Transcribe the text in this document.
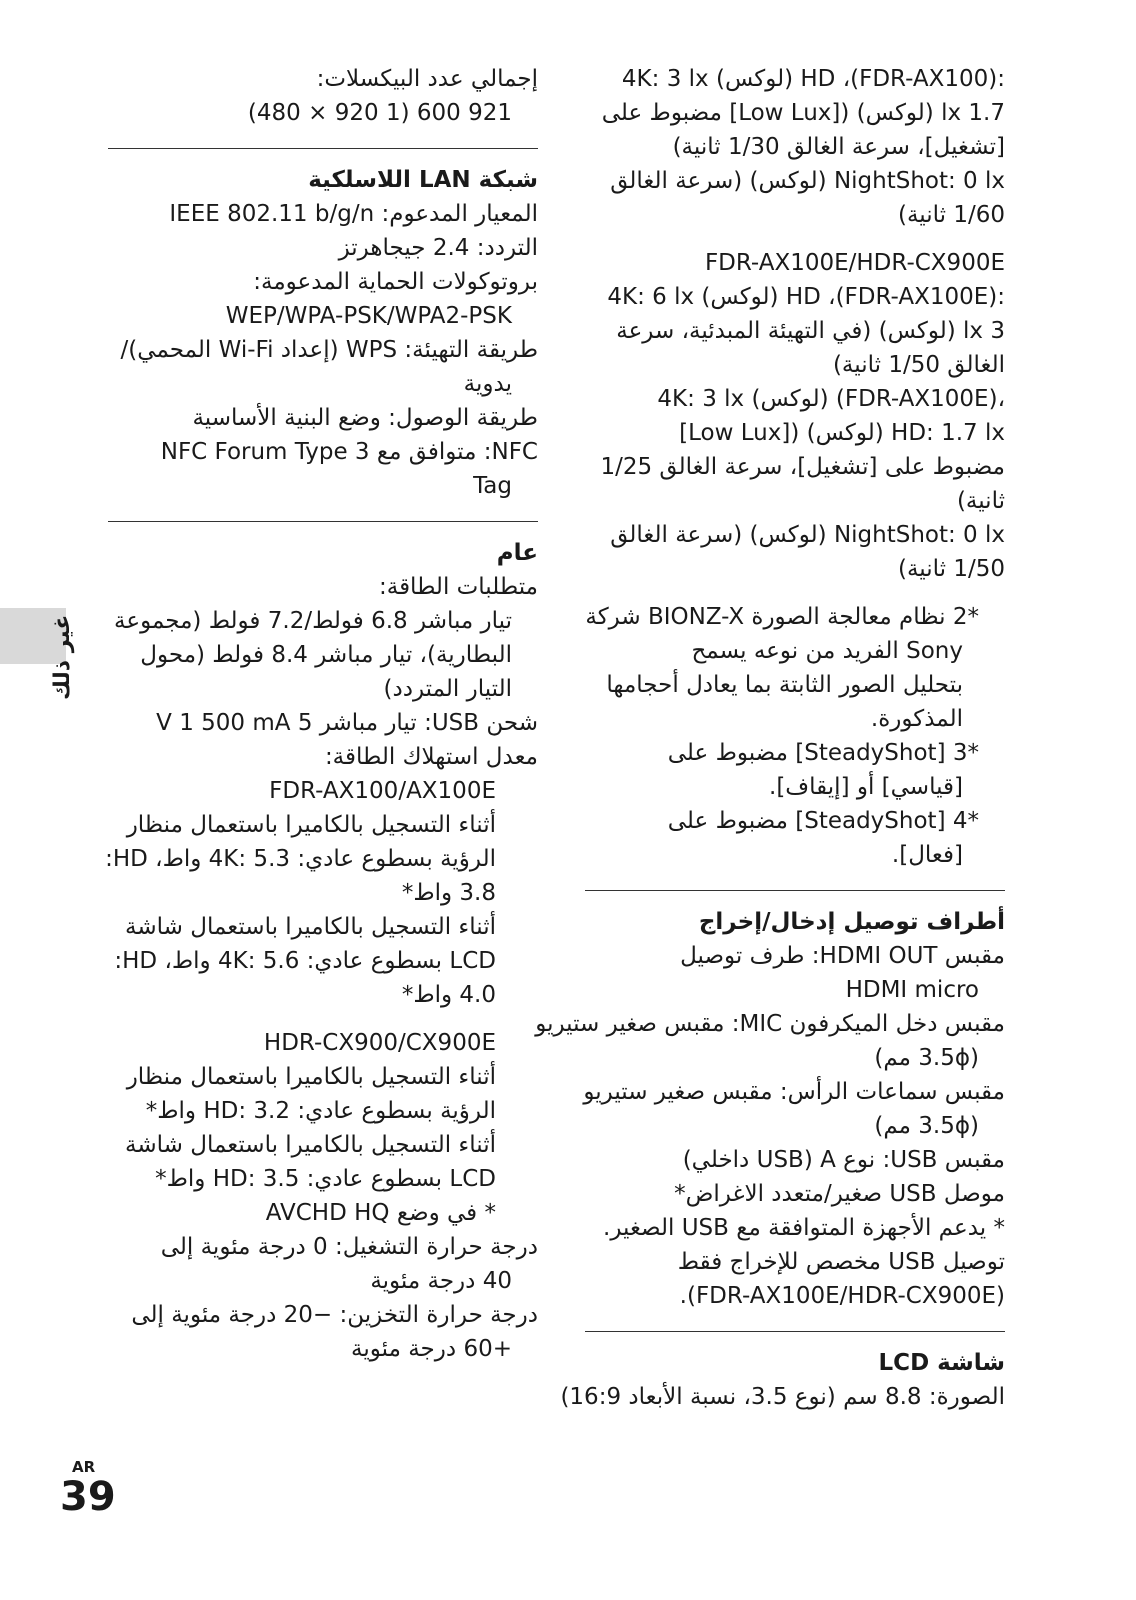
غير ذلك
:HD ،(FDR-AX100) (لوكس) 4K: 3 lx
1.7 lx (لوكس) ([Low Lux] مضبوط على
[تشغيل]، سرعة الغالق 1/30 ثانية)
NightShot: 0 lx (لوكس) (سرعة الغالق
1/60 ثانية)
FDR-AX100E/HDR-CX900E
:HD ،(FDR-AX100E) (لوكس) 4K: 6 lx
3 lx (لوكس) (في التهيئة المبدئية، سرعة
الغالق 1/50 ثانية)
،(FDR-AX100E) (لوكس) 4K: 3 lx
HD: 1.7 lx (لوكس) ([Low Lux]
مضبوط على [تشغيل]، سرعة الغالق 1/25
ثانية)
NightShot: 0 lx (لوكس) (سرعة الغالق
1/50 ثانية)
*2 نظام معالجة الصورة BIONZ-X شركة
Sony الفريد من نوعه يسمح
بتحليل الصور الثابتة بما يعادل أحجامها
المذكورة.
*3 [SteadyShot] مضبوط على
[قياسي] أو [إيقاف].
*4 [SteadyShot] مضبوط على
[فعال].
أطراف توصيل إدخال/إخراج
مقبس HDMI OUT: طرف توصيل
HDMI micro
مقبس دخل الميكرفون MIC: مقبس صغير ستيريو
(3.5ϕ مم)
مقبس سماعات الرأس: مقبس صغير ستيريو
(3.5ϕ مم)
مقبس USB: نوع A (USB داخلي)
موصل USB صغير/متعدد الاغراض*
* يدعم الأجهزة المتوافقة مع USB الصغير.
توصيل USB مخصص للإخراج فقط
(FDR-AX100E/HDR-CX900E).
شاشة LCD
الصورة: 8.8 سم (نوع 3.5، نسبة الأبعاد 16:9)
إجمالي عدد البيكسلات:
921 600 (1 920 × 480)
شبكة LAN اللاسلكية
المعيار المدعوم: IEEE 802.11 b/g/n
التردد: 2.4 جيجاهرتز
بروتوكولات الحماية المدعومة:
WEP/WPA-PSK/WPA2-PSK
طريقة التهيئة: WPS (إعداد Wi-Fi المحمي)/
يدوية
طريقة الوصول: وضع البنية الأساسية
NFC: متوافق مع NFC Forum Type 3
Tag
عام
متطلبات الطاقة:
تيار مباشر 6.8 فولط/7.2 فولط (مجموعة
البطارية)، تيار مباشر 8.4 فولط (محول
التيار المتردد)
شحن USB: تيار مباشر 5 V 1 500 mA
معدل استهلاك الطاقة:
FDR-AX100/AX100E
أثناء التسجيل بالكاميرا باستعمال منظار
الرؤية بسطوع عادي: 4K: 5.3 واط، HD:
3.8 واط*
أثناء التسجيل بالكاميرا باستعمال شاشة
LCD بسطوع عادي: 4K: 5.6 واط، HD:
4.0 واط*
HDR-CX900/CX900E
أثناء التسجيل بالكاميرا باستعمال منظار
الرؤية بسطوع عادي: HD: 3.2 واط*
أثناء التسجيل بالكاميرا باستعمال شاشة
LCD بسطوع عادي: HD: 3.5 واط*
* في وضع AVCHD HQ
درجة حرارة التشغيل: 0 درجة مئوية إلى
40 درجة مئوية
درجة حرارة التخزين: −20 درجة مئوية إلى
+60 درجة مئوية
AR
39
